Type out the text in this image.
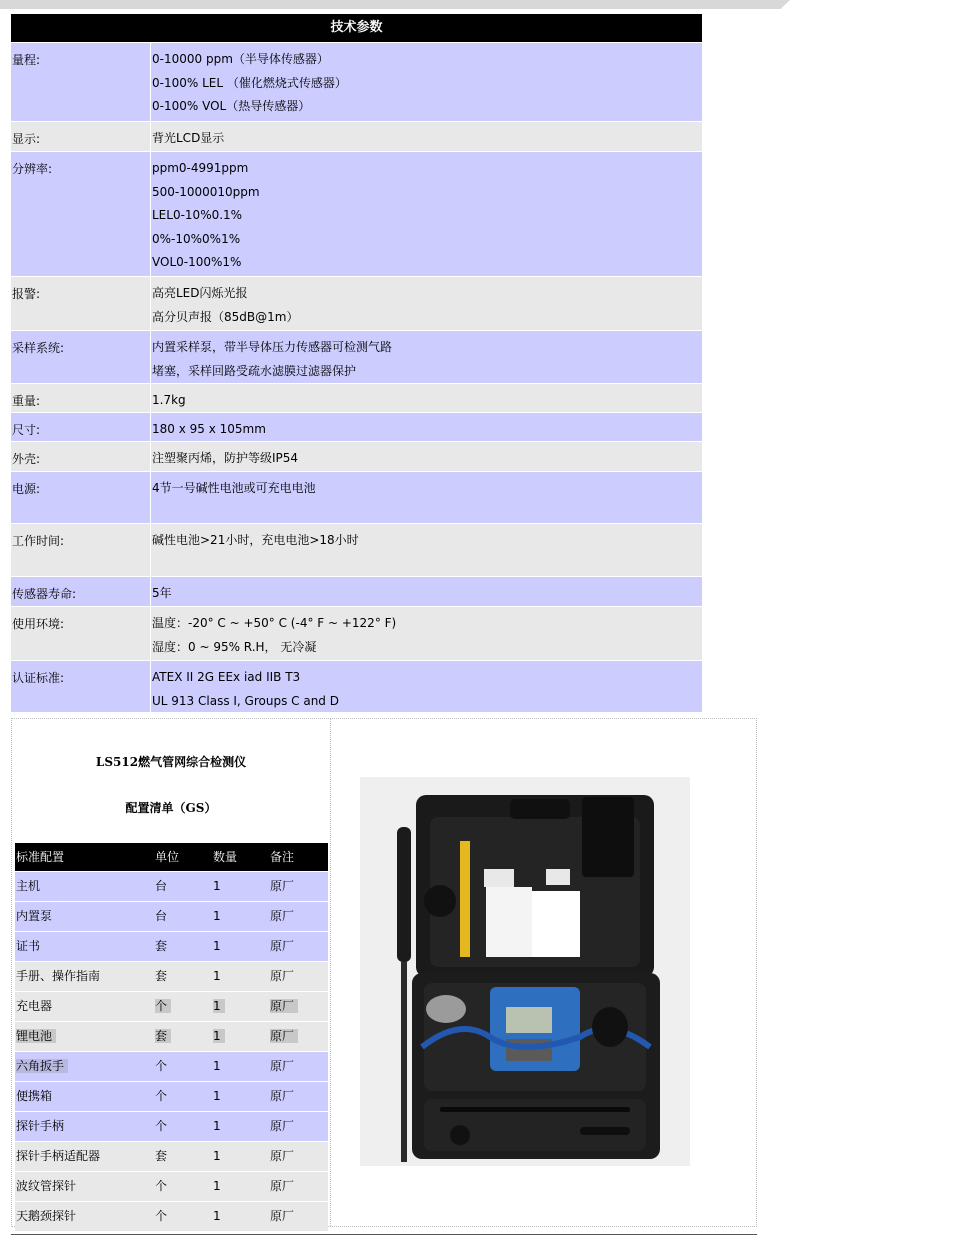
技术参数
量程:	0-10000 ppm（半导体传感器）
0-100% LEL （催化燃烧式传感器）
0-100% VOL（热导传感器）
显示:	背光LCD显示
分辨率:	ppm0-4991ppm
500-1000010ppm
LEL0-10%0.1%
0%-10%0%1%
VOL0-100%1%
报警:	高亮LED闪烁光报
高分贝声报（85dB@1m）
采样系统:	内置采样泵，带半导体压力传感器可检测气路
堵塞，采样回路受疏水滤膜过滤器保护
重量:	1.7kg
尺寸:	180 x 95 x 105mm
外壳:	注塑聚丙烯，防护等级IP54
电源:	4节一号碱性电池或可充电电池
工作时间:	碱性电池>21小时，充电电池>18小时
传感器寿命:	5年
使用环境:	温度：-20° C ~ +50° C (-4° F ~ +122° F)
湿度：0 ~ 95% R.H， 无冷凝
认证标准:	ATEX II 2G EEx iad IIB T3
UL 913 Class I, Groups C and D
LS512燃气管网综合检测仪
配置清单（GS）
标准配置	单位	数量	备注
主机	台	1	原厂
内置泵	台	1	原厂
证书	套	1	原厂
手册、操作指南	套	1	原厂
充电器	个	1	原厂
锂电池	套	1	原厂
六角扳手	个	1	原厂
便携箱	个	1	原厂
探针手柄	个	1	原厂
探针手柄适配器	套	1	原厂
波纹管探针	个	1	原厂
天鹅颈探针	个	1	原厂
